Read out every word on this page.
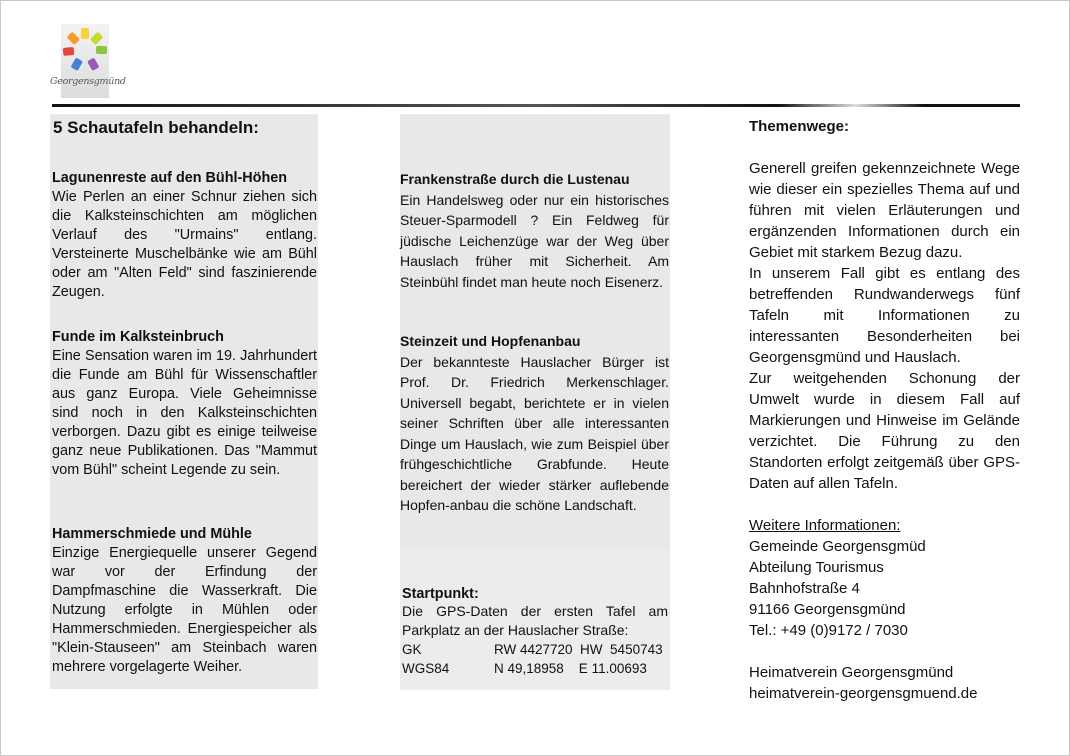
Georgensgmünd
5 Schautafeln behandeln:
Lagunenreste auf den Bühl-Höhen
Wie Perlen an einer Schnur ziehen sich die Kalksteinschichten am möglichen Verlauf des "Urmains" entlang. Versteinerte Muschelbänke wie am Bühl oder am "Alten Feld" sind faszinierende Zeugen.
Funde im Kalksteinbruch
Eine Sensation waren im 19. Jahrhundert die Funde am Bühl für Wissenschaftler aus ganz Europa. Viele Geheimnisse sind noch in den Kalksteinschichten verborgen. Dazu gibt es einige teilweise ganz neue Publikationen. Das "Mammut vom Bühl" scheint Legende zu sein.
Hammerschmiede und Mühle
Einzige Energiequelle unserer Gegend war vor der Erfindung der Dampfmaschine die Wasserkraft. Die Nutzung erfolgte in Mühlen oder Hammerschmieden. Energiespeicher als "Klein-Stauseen" am Steinbach waren mehrere vorgelagerte Weiher.
Frankenstraße durch die Lustenau
Ein Handelsweg oder nur ein historisches Steuer-Sparmodell ? Ein Feldweg für jüdische Leichenzüge war der Weg über Hauslach früher mit Sicherheit. Am Steinbühl findet man heute noch Eisenerz.
Steinzeit und Hopfenanbau
Der bekannteste Hauslacher Bürger ist Prof. Dr. Friedrich Merkenschlager. Universell begabt, berichtete er in vielen seiner Schriften über alle interessanten Dinge um Hauslach, wie zum Beispiel über frühgeschichtliche Grabfunde. Heute bereichert der wieder stärker auflebende Hopfen-anbau die schöne Landschaft.
Startpunkt:
Die GPS-Daten der ersten Tafel am
Parkplatz an der Hauslacher Straße:
GK	RW 4427720  HW  5450743
WGS84	N 49,18958    E 11.00693
Themenwege:
Generell greifen gekennzeichnete Wege wie dieser ein spezielles Thema auf und führen mit vielen Erläuterungen und ergänzenden Informationen durch ein Gebiet mit starkem Bezug dazu.
In unserem Fall gibt es entlang des betreffenden Rundwanderwegs fünf Tafeln mit Informationen zu interessanten Besonderheiten bei Georgensgmünd und Hauslach.
Zur weitgehenden Schonung der Umwelt wurde in diesem Fall auf Markierungen und Hinweise im Gelände verzichtet. Die Führung zu den Standorten erfolgt zeitgemäß über GPS-Daten auf allen Tafeln.
Weitere Informationen:
Gemeinde Georgensgmüd
Abteilung Tourismus
Bahnhofstraße 4
91166 Georgensgmünd
Tel.: +49 (0)9172 / 7030
Heimatverein Georgensgmünd
heimatverein-georgensgmuend.de
